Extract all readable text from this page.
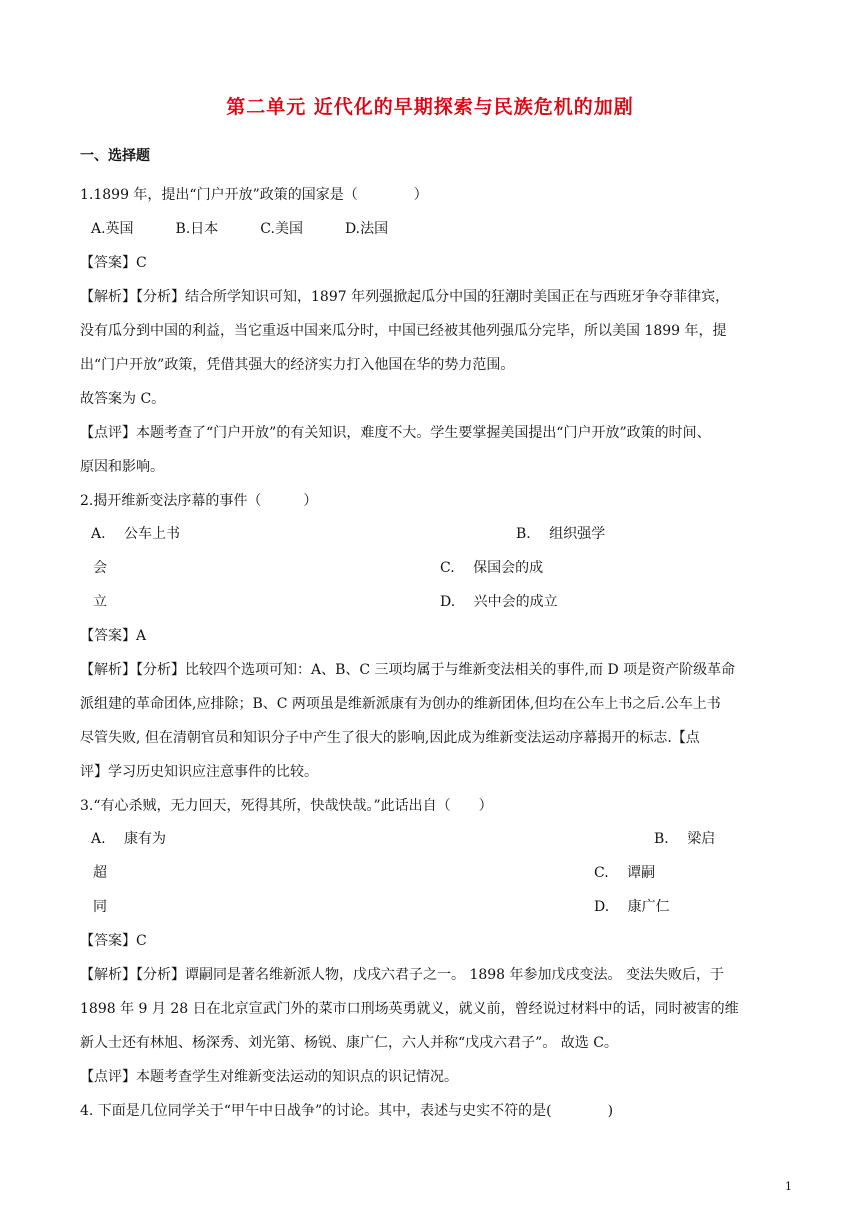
第二单元 近代化的早期探索与民族危机的加剧
一、选择题
1.1899 年，提出“门户开放”政策的国家是（　　　　）
A.英国　　　B.日本　　　C.美国　　　D.法国
【答案】C
【解析】【分析】结合所学知识可知，1897 年列强掀起瓜分中国的狂潮时美国正在与西班牙争夺菲律宾，
没有瓜分到中国的利益，当它重返中国来瓜分时，中国已经被其他列强瓜分完毕，所以美国 1899 年，提
出“门户开放”政策，凭借其强大的经济实力打入他国在华的势力范围。
故答案为 C。
【点评】本题考查了“门户开放”的有关知识，难度不大。学生要掌握美国提出“门户开放”政策的时间、
原因和影响。
2.揭开维新变法序幕的事件（　　　）
A.　 公车上书	B.　 组织强学
会	C.　 保国会的成
立	D.　 兴中会的成立
【答案】A
【解析】【分析】比较四个选项可知：A、B、C 三项均属于与维新变法相关的事件,而 D 项是资产阶级革命
派组建的革命团体,应排除；B、C 两项虽是维新派康有为创办的维新团体,但均在公车上书之后.公车上书
尽管失败, 但在清朝官员和知识分子中产生了很大的影响,因此成为维新变法运动序幕揭开的标志.【点
评】学习历史知识应注意事件的比较。
3.“有心杀贼，无力回天，死得其所，快哉快哉。”此话出自（　　）
A.　 康有为	B.　 梁启
超	C.　 谭嗣
同	D.　 康广仁
【答案】C
【解析】【分析】谭嗣同是著名维新派人物，戊戌六君子之一。 1898 年参加戊戌变法。 变法失败后，于
1898 年 9 月 28 日在北京宣武门外的菜市口刑场英勇就义，就义前，曾经说过材料中的话，同时被害的维
新人士还有林旭、杨深秀、刘光第、杨锐、康广仁，六人并称“戊戌六君子”。 故选 C。
【点评】本题考查学生对维新变法运动的知识点的识记情况。
4. 下面是几位同学关于“甲午中日战争”的讨论。其中，表述与史实不符的是(　　　　)
1
